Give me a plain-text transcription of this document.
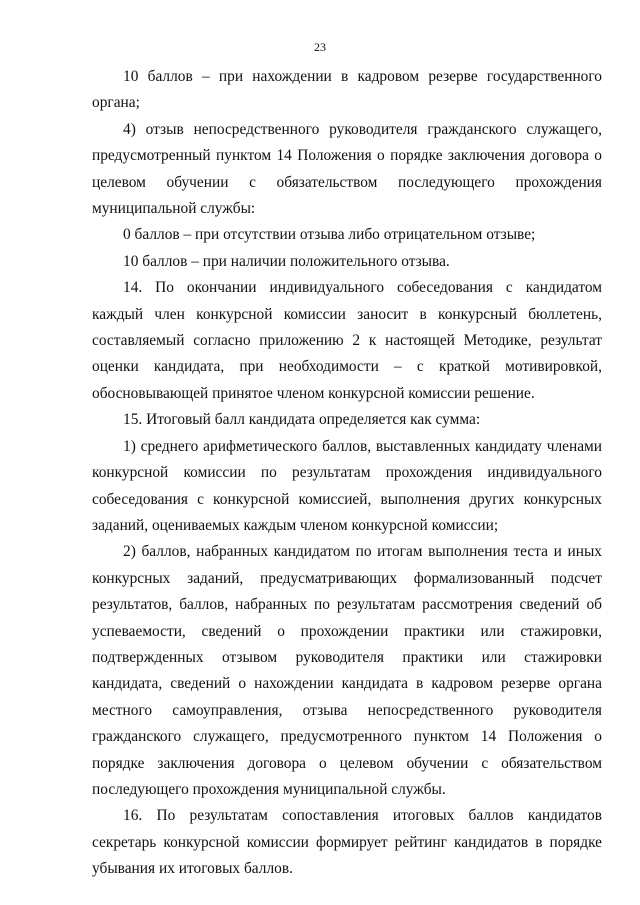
23

10 баллов – при нахождении в кадровом резерве государственного органа;

4) отзыв непосредственного руководителя гражданского служащего, предусмотренный пунктом 14 Положения о порядке заключения договора о целевом обучении с обязательством последующего прохождения муниципальной службы:

0 баллов – при отсутствии отзыва либо отрицательном отзыве;

10 баллов – при наличии положительного отзыва.

14. По окончании индивидуального собеседования с кандидатом каждый член конкурсной комиссии заносит в конкурсный бюллетень, составляемый согласно приложению 2 к настоящей Методике, результат оценки кандидата, при необходимости – с краткой мотивировкой, обосновывающей принятое членом конкурсной комиссии решение.

15. Итоговый балл кандидата определяется как сумма:

1) среднего арифметического баллов, выставленных кандидату членами конкурсной комиссии по результатам прохождения индивидуального собеседования с конкурсной комиссией, выполнения других конкурсных заданий, оцениваемых каждым членом конкурсной комиссии;

2) баллов, набранных кандидатом по итогам выполнения теста и иных конкурсных заданий, предусматривающих формализованный подсчет результатов, баллов, набранных по результатам рассмотрения сведений об успеваемости, сведений о прохождении практики или стажировки, подтвержденных отзывом руководителя практики или стажировки кандидата, сведений о нахождении кандидата в кадровом резерве органа местного самоуправления, отзыва непосредственного руководителя гражданского служащего, предусмотренного пунктом 14 Положения о порядке заключения договора о целевом обучении с обязательством последующего прохождения муниципальной службы.

16. По результатам сопоставления итоговых баллов кандидатов секретарь конкурсной комиссии формирует рейтинг кандидатов в порядке убывания их итоговых баллов.
